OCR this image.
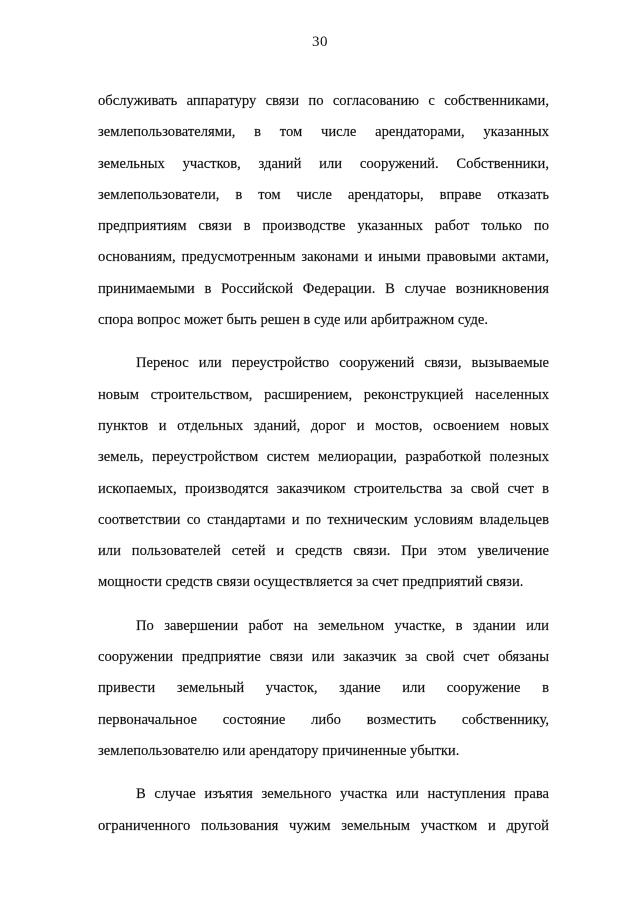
30
обслуживать аппаратуру связи по согласованию с собственниками,
землепользователями, в том числе арендаторами, указанных
земельных участков, зданий или сооружений. Собственники,
землепользователи, в том числе арендаторы, вправе отказать
предприятиям связи в производстве указанных работ только по
основаниям, предусмотренным законами и иными правовыми актами,
принимаемыми в Российской Федерации. В случае возникновения
спора вопрос может быть решен в суде или арбитражном суде.
Перенос или переустройство сооружений связи, вызываемые
новым строительством, расширением, реконструкцией населенных
пунктов и отдельных зданий, дорог и мостов, освоением новых
земель, переустройством систем мелиорации, разработкой полезных
ископаемых, производятся заказчиком строительства за свой счет в
соответствии со стандартами и по техническим условиям владельцев
или пользователей сетей и средств связи. При этом увеличение
мощности средств связи осуществляется за счет предприятий связи.
По завершении работ на земельном участке, в здании или
сооружении предприятие связи или заказчик за свой счет обязаны
привести земельный участок, здание или сооружение в
первоначальное состояние либо возместить собственнику,
землепользователю или арендатору причиненные убытки.
В случае изъятия земельного участка или наступления права
ограниченного пользования чужим земельным участком и другой
